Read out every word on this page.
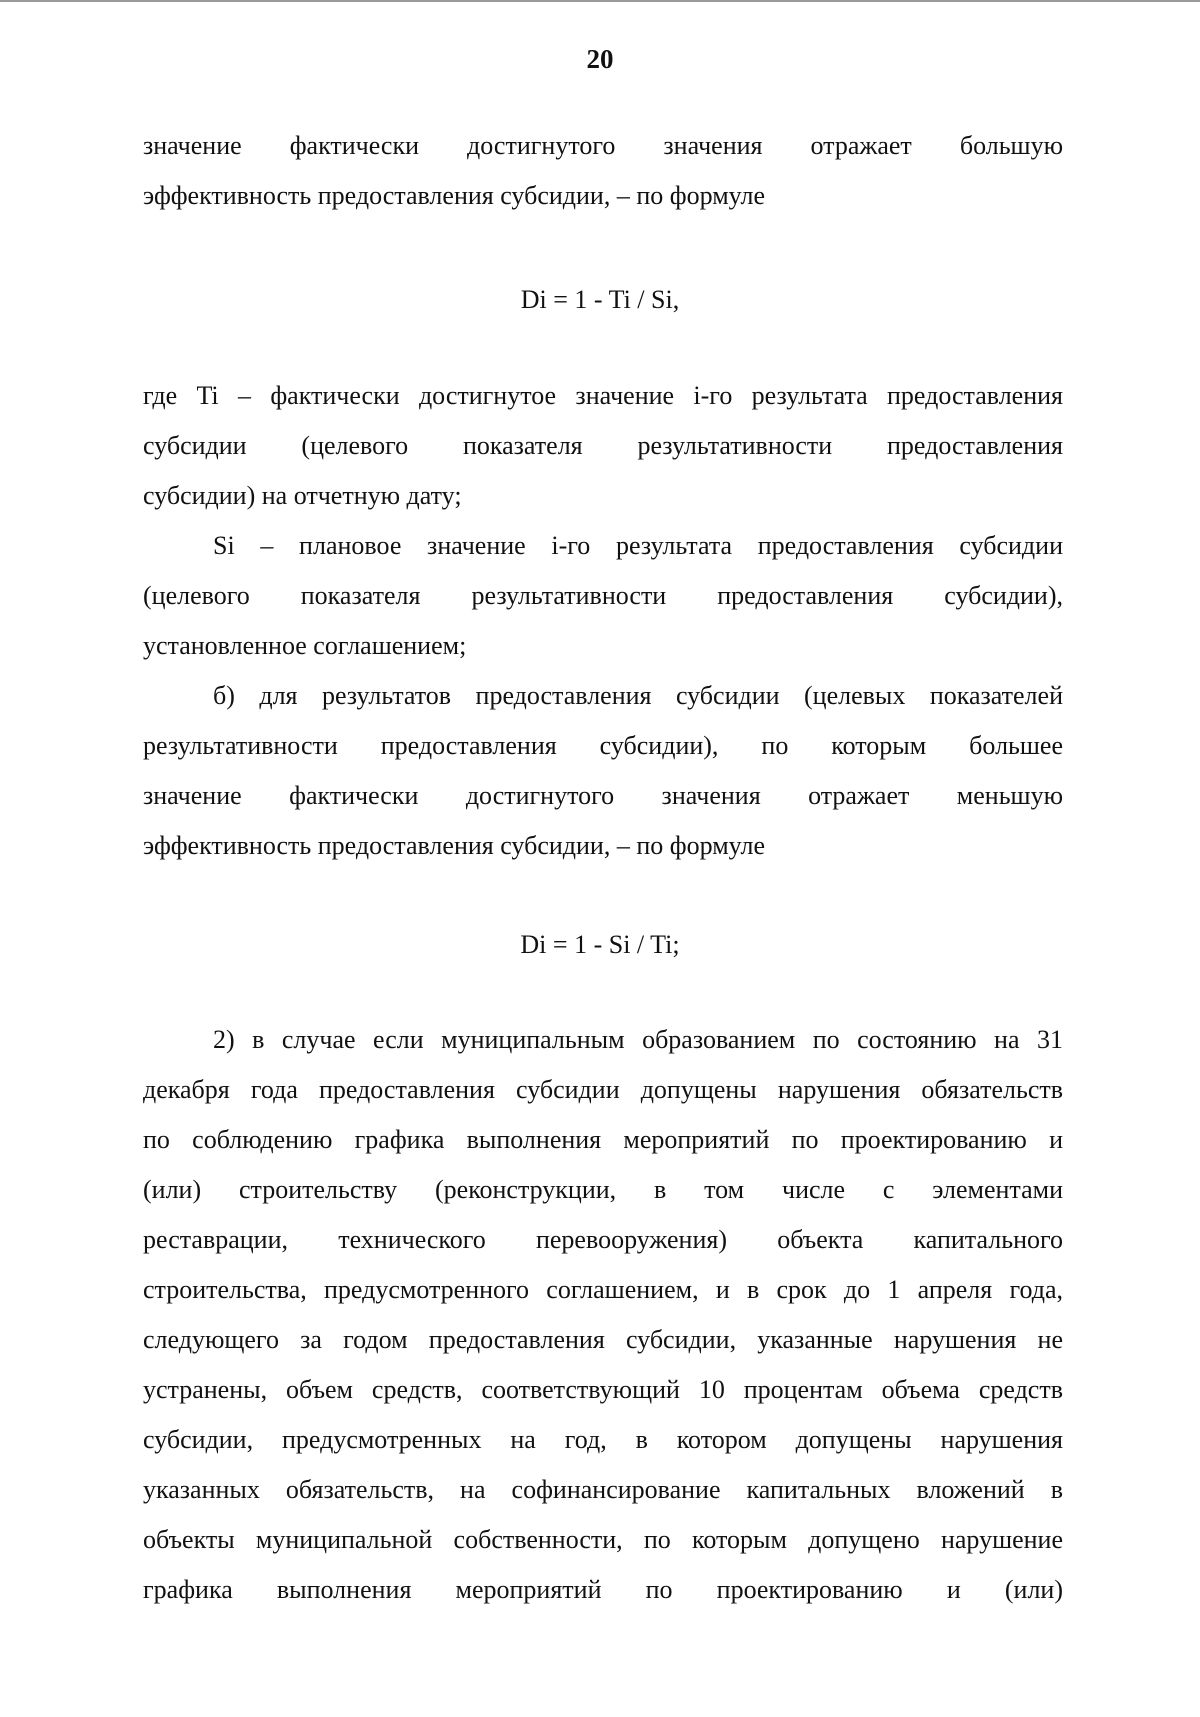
20
значение фактически достигнутого значения отражает большую
эффективность предоставления субсидии, – по формуле
Di = 1 - Ti / Si,
где Ti – фактически достигнутое значение i-го результата предоставления
субсидии (целевого показателя результативности предоставления
субсидии) на отчетную дату;
Si – плановое значение i-го результата предоставления субсидии
(целевого показателя результативности предоставления субсидии),
установленное соглашением;
б) для результатов предоставления субсидии (целевых показателей
результативности предоставления субсидии), по которым большее
значение фактически достигнутого значения отражает меньшую
эффективность предоставления субсидии, – по формуле
Di = 1 - Si / Ti;
2) в случае если муниципальным образованием по состоянию на 31
декабря года предоставления субсидии допущены нарушения обязательств
по соблюдению графика выполнения мероприятий по проектированию и
(или) строительству (реконструкции, в том числе с элементами
реставрации, технического перевооружения) объекта капитального
строительства, предусмотренного соглашением, и в срок до 1 апреля года,
следующего за годом предоставления субсидии, указанные нарушения не
устранены, объем средств, соответствующий 10 процентам объема средств
субсидии, предусмотренных на год, в котором допущены нарушения
указанных обязательств, на софинансирование капитальных вложений в
объекты муниципальной собственности, по которым допущено нарушение
графика выполнения мероприятий по проектированию и (или)
